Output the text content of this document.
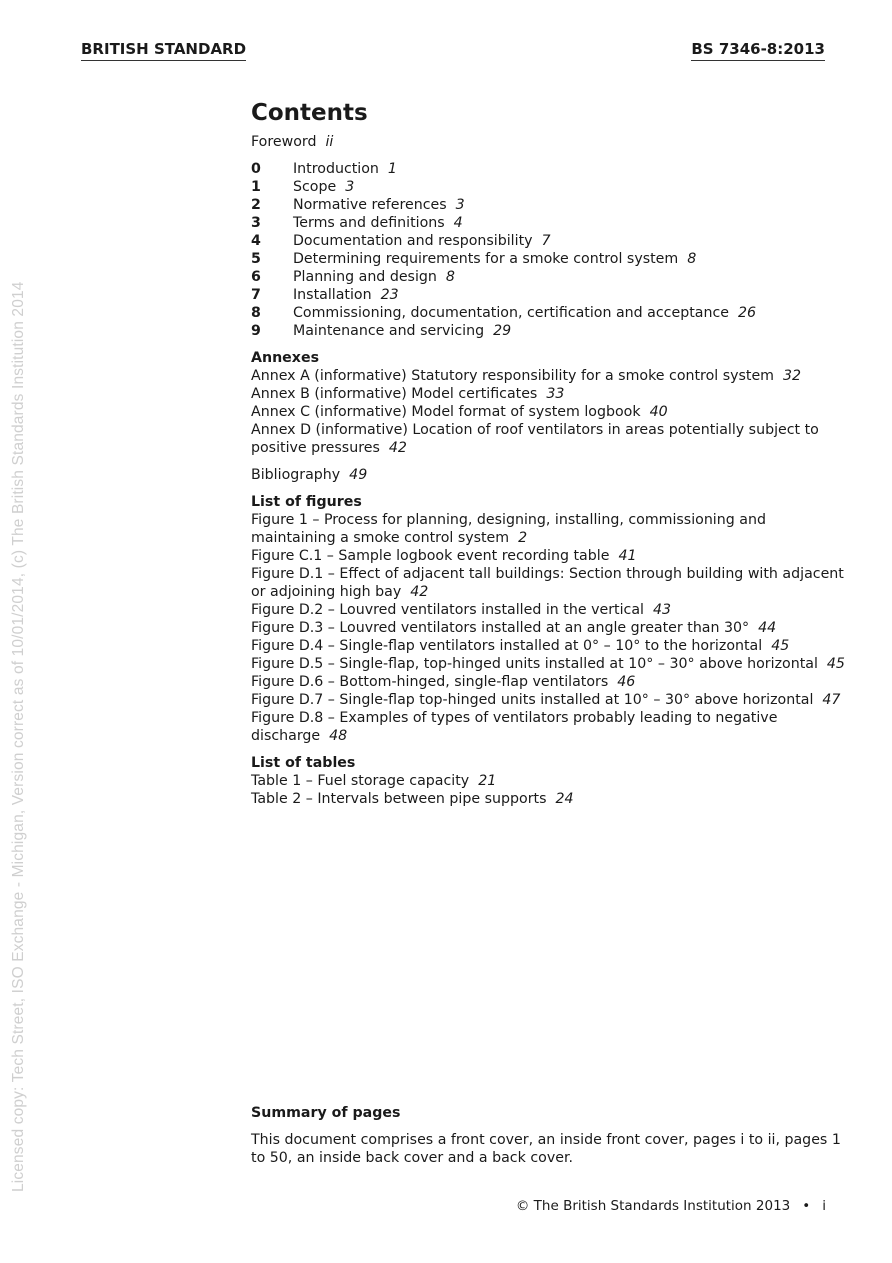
BRITISH STANDARD	BS 7346-8:2013
Licensed copy: Tech Street, ISO Exchange - Michigan, Version correct as of 10/01/2014, (c) The British Standards Institution 2014
Contents
Foreword ii
0	Introduction 1
1	Scope 3
2	Normative references 3
3	Terms and definitions 4
4	Documentation and responsibility 7
5	Determining requirements for a smoke control system 8
6	Planning and design 8
7	Installation 23
8	Commissioning, documentation, certification and acceptance 26
9	Maintenance and servicing 29
Annexes
Annex A (informative) Statutory responsibility for a smoke control system 32
Annex B (informative) Model certificates 33
Annex C (informative) Model format of system logbook 40
Annex D (informative) Location of roof ventilators in areas potentially subject to positive pressures 42
Bibliography 49
List of figures
Figure 1 – Process for planning, designing, installing, commissioning and maintaining a smoke control system 2
Figure C.1 – Sample logbook event recording table 41
Figure D.1 – Effect of adjacent tall buildings: Section through building with adjacent or adjoining high bay 42
Figure D.2 – Louvred ventilators installed in the vertical 43
Figure D.3 – Louvred ventilators installed at an angle greater than 30° 44
Figure D.4 – Single-flap ventilators installed at 0° – 10° to the horizontal 45
Figure D.5 – Single-flap, top-hinged units installed at 10° – 30° above horizontal 45
Figure D.6 – Bottom-hinged, single-flap ventilators 46
Figure D.7 – Single-flap top-hinged units installed at 10° – 30° above horizontal 47
Figure D.8 – Examples of types of ventilators probably leading to negative discharge 48
List of tables
Table 1 – Fuel storage capacity 21
Table 2 – Intervals between pipe supports 24
Summary of pages
This document comprises a front cover, an inside front cover, pages i to ii, pages 1 to 50, an inside back cover and a back cover.
© The British Standards Institution 2013 • i
